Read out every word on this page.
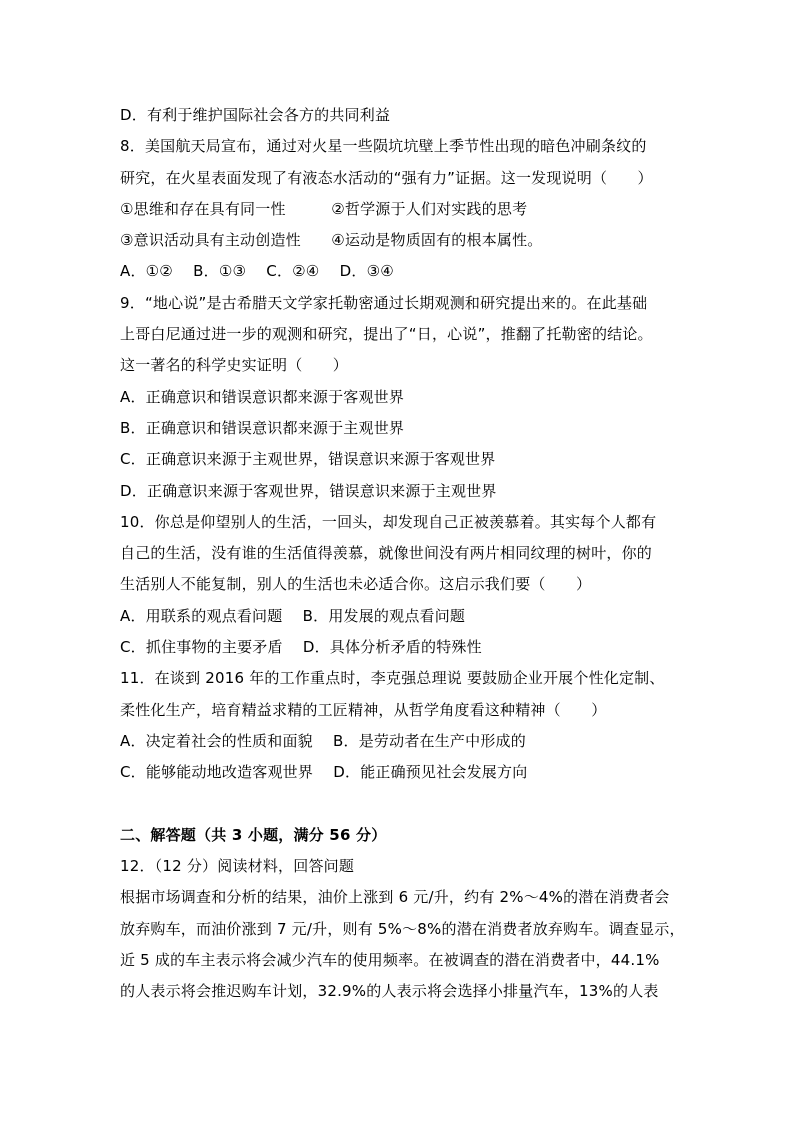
D．有利于维护国际社会各方的共同利益
8．美国航天局宣布，通过对火星一些陨坑坑壁上季节性出现的暗色冲刷条纹的
研究，在火星表面发现了有液态水活动的“强有力”证据。这一发现说明（　　）
①思维和存在具有同一性　　　②哲学源于人们对实践的思考
③意识活动具有主动创造性　　④运动是物质固有的根本属性。
A．①②　 B．①③　 C．②④　 D．③④
9．“地心说”是古希腊天文学家托勒密通过长期观测和研究提出来的。在此基础
上哥白尼通过进一步的观测和研究，提出了“日，心说”，推翻了托勒密的结论。
这一著名的科学史实证明（　　）
A．正确意识和错误意识都来源于客观世界
B．正确意识和错误意识都来源于主观世界
C．正确意识来源于主观世界，错误意识来源于客观世界
D．正确意识来源于客观世界，错误意识来源于主观世界
10．你总是仰望别人的生活，一回头，却发现自己正被羡慕着。其实每个人都有
自己的生活，没有谁的生活值得羡慕，就像世间没有两片相同纹理的树叶，你的
生活别人不能复制，别人的生活也未必适合你。这启示我们要（　　）
A．用联系的观点看问题　 B．用发展的观点看问题
C．抓住事物的主要矛盾　 D．具体分析矛盾的特殊性
11．在谈到 2016 年的工作重点时，李克强总理说 要鼓励企业开展个性化定制、
柔性化生产，培育精益求精的工匠精神，从哲学角度看这种精神（　　）
A．决定着社会的性质和面貌　 B．是劳动者在生产中形成的
C．能够能动地改造客观世界　 D．能正确预见社会发展方向
二、解答题（共 3 小题，满分 56 分）
12．（12 分）阅读材料，回答问题
根据市场调查和分析的结果，油价上涨到 6 元/升，约有 2%～4%的潜在消费者会
放弃购车，而油价涨到 7 元/升，则有 5%～8%的潜在消费者放弃购车。调查显示，
近 5 成的车主表示将会减少汽车的使用频率。在被调查的潜在消费者中，44.1%
的人表示将会推迟购车计划，32.9%的人表示将会选择小排量汽车，13%的人表
